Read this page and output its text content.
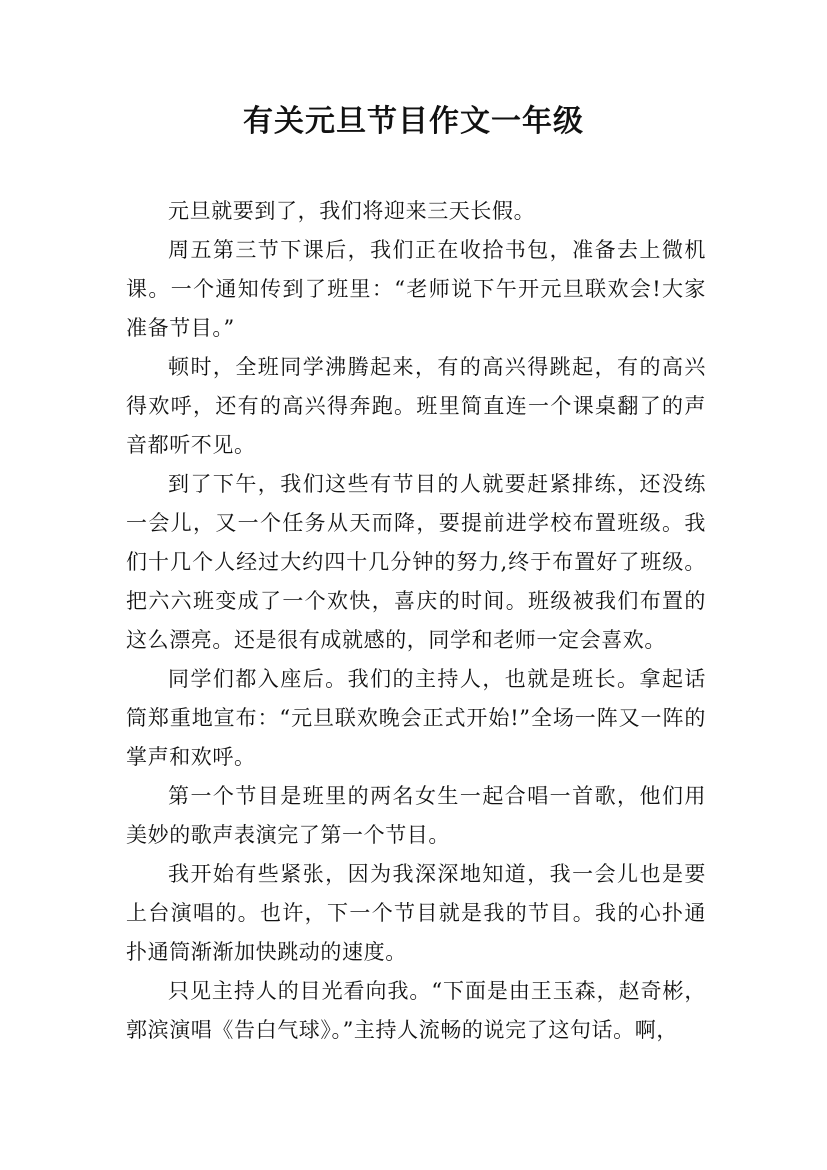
有关元旦节目作文一年级

元旦就要到了，我们将迎来三天长假。

周五第三节下课后，我们正在收拾书包，准备去上微机课。一个通知传到了班里：“老师说下午开元旦联欢会!大家准备节目。”

顿时，全班同学沸腾起来，有的高兴得跳起，有的高兴得欢呼，还有的高兴得奔跑。班里简直连一个课桌翻了的声音都听不见。

到了下午，我们这些有节目的人就要赶紧排练，还没练一会儿，又一个任务从天而降，要提前进学校布置班级。我们十几个人经过大约四十几分钟的努力,终于布置好了班级。把六六班变成了一个欢快，喜庆的时间。班级被我们布置的这么漂亮。还是很有成就感的，同学和老师一定会喜欢。

同学们都入座后。我们的主持人，也就是班长。拿起话筒郑重地宣布：“元旦联欢晚会正式开始!”全场一阵又一阵的掌声和欢呼。

第一个节目是班里的两名女生一起合唱一首歌，他们用美妙的歌声表演完了第一个节目。

我开始有些紧张，因为我深深地知道，我一会儿也是要上台演唱的。也许，下一个节目就是我的节目。我的心扑通扑通筒渐渐加快跳动的速度。

只见主持人的目光看向我。“下面是由王玉森，赵奇彬，郭滨演唱《告白气球》。”主持人流畅的说完了这句话。啊，
